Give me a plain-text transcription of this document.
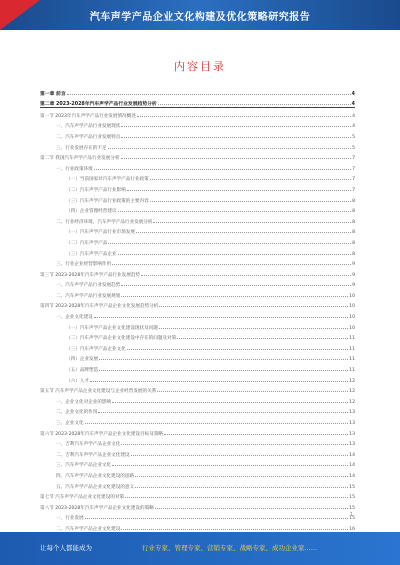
汽车声学产品企业文化构建及优化策略研究报告
内容目录
第一章 前言	4
第二章 2023-2028年汽车声学产品行业发展趋势分析	4
第一节 2023年汽车声学产品行业发展情况概述	4
一、汽车声学产品行业发展现状	4
二、汽车声学产品行业发展特点	5
三、行业发展存在的不足	5
第二节 我国汽车声学产品行业发展分析	7
一、行业政策环境	7
（一）当前国家对汽车声学产品行业政策	7
（二）汽车声学产品行业影响	7
（三）汽车声学产品行业政策的主要内容	8
（四）企业管理经营建议	8
二、行业经济环境，汽车声学产品行业发展分析	8
（一）汽车声学产品行业市场发展	8
（二）汽车声学产品	8
（三）汽车声学产品企业	8
三、行业企业经营影响作用	9
第三节 2023-2028年汽车声学产品行业发展趋势	9
一、汽车声学产品行业发展趋势	9
二、汽车声学产品行业发展规划	10
第四节 2023-2028年汽车声学产品企业文化发展趋势分析	10
一、企业文化建设	10
（一）汽车声学产品企业文化建设现状及问题	10
（二）汽车声学产品企业文化建设中存在的问题及对策	11
（三）汽车声学产品企业文化	11
（四）企业发展	11
（五）品牌塑造	11
（六）人才	12
第五节 汽车声学产品企业文化建设与企业经营发展的关系	12
一、企业文化对企业的影响	12
二、企业文化的作用	13
三、企业文化	13
第六节 2023-2028年汽车声学产品企业文化建设目标及策略	13
一、吉利汽车声学产品企业文化	13
二、吉利汽车声学产品企业文化建设	14
三、汽车声学产品企业文化	14
四、汽车声学产品企业文化建设的思路	14
五、汽车声学产品企业文化建设的意义	15
第七节 汽车声学产品企业文化建设的对策	15
第八节 2023-2028年汽车声学产品企业文化建设的策略	15
一、行业发展	15
二、汽车声学产品企业文化建设	16
1
让每个人都能成为	行业专家、管理专家、营销专家、战略专家、成功企业家......
